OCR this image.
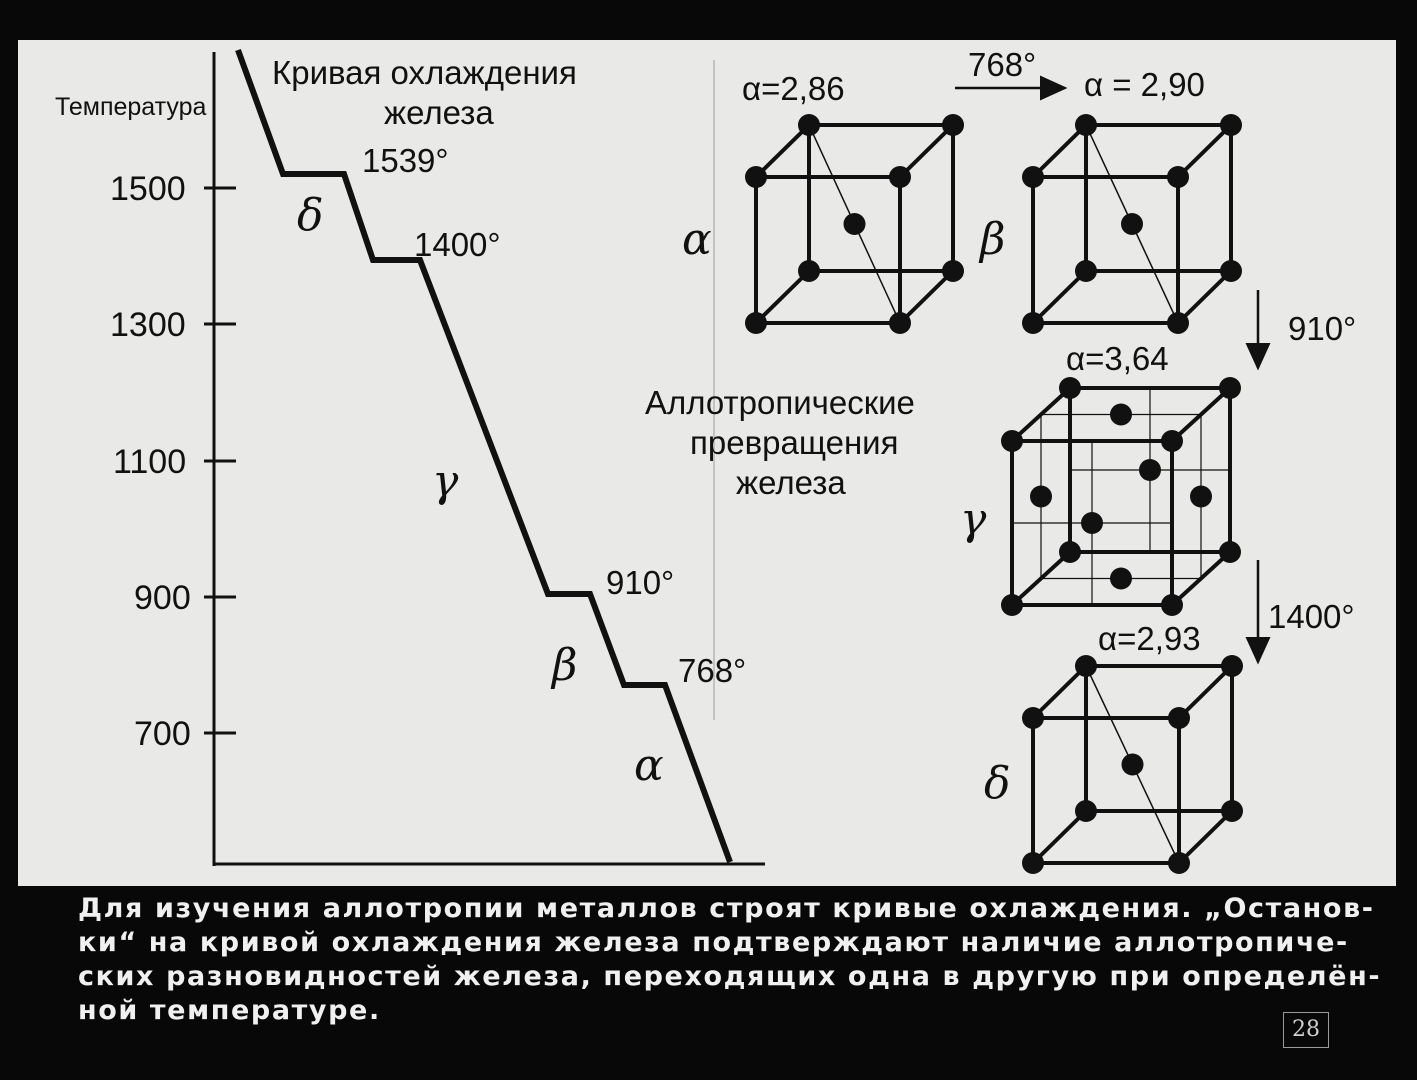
Температура
1500
1300
1100
900
700
Кривая охлаждения
железа
1539°
1400°
910°
768°
δ
γ
β
α
Аллотропические
превращения
железа
α=2,86	α = 2,90
α=3,64
α=2,93
α	β
γ
δ
768°
910°
1400°
Для изучения аллотропии металлов строят кривые охлаждения. „Останов-
ки“ на кривой охлаждения железа подтверждают наличие аллотропиче-
ских разновидностей железа, переходящих одна в другую при определён-
ной температуре.
28
